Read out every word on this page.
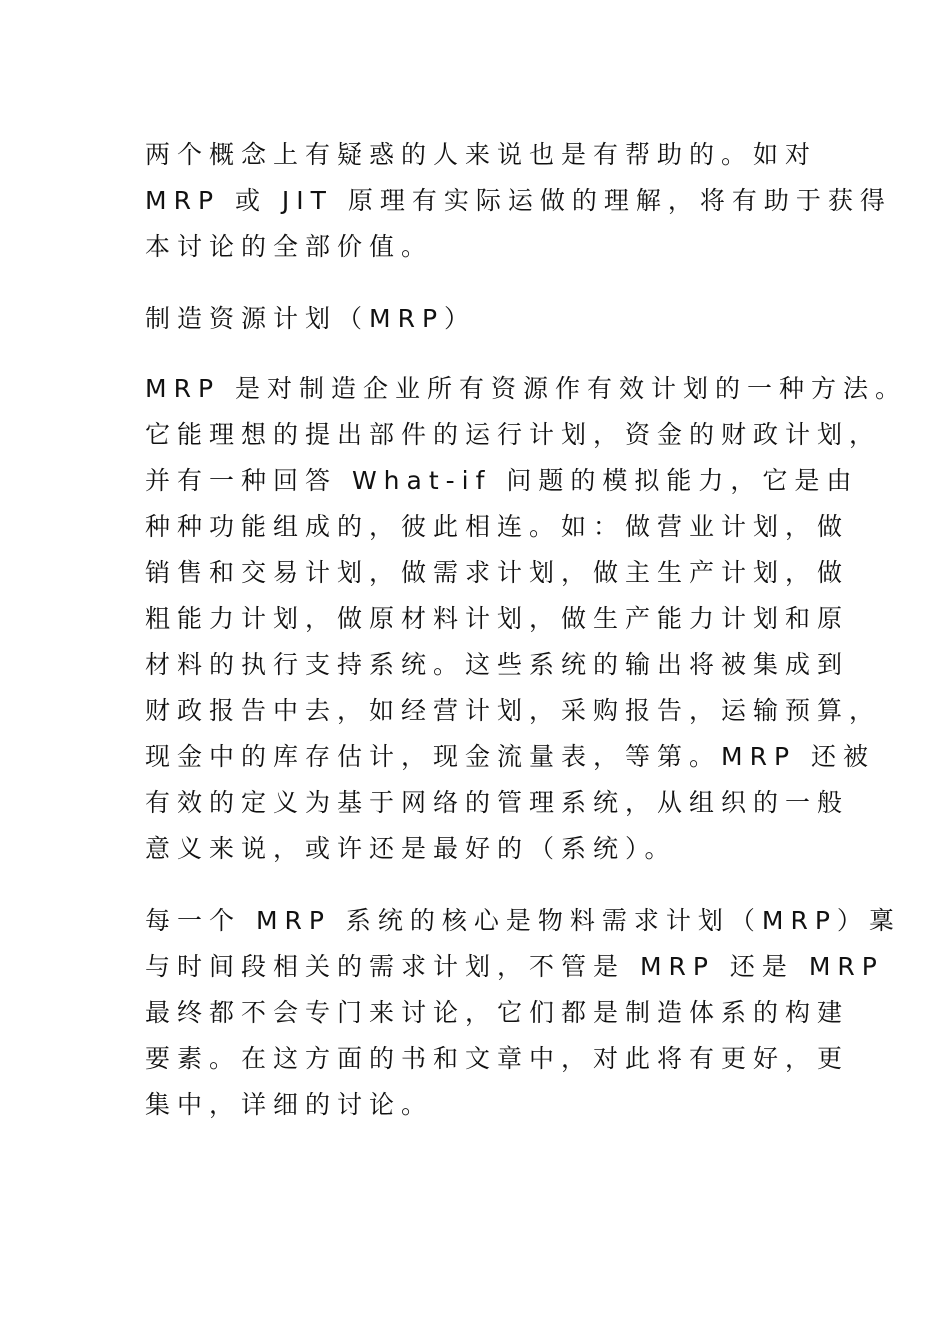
两个概念上有疑惑的人来说也是有帮助的。如对
MRP 或 JIT 原理有实际运做的理解，将有助于获得
本讨论的全部价值。

制造资源计划（MRP）

MRP 是对制造企业所有资源作有效计划的一种方法。
它能理想的提出部件的运行计划，资金的财政计划，
并有一种回答 What-if 问题的模拟能力，它是由
种种功能组成的，彼此相连。如：做营业计划，做
销售和交易计划，做需求计划，做主生产计划，做
粗能力计划，做原材料计划，做生产能力计划和原
材料的执行支持系统。这些系统的输出将被集成到
财政报告中去，如经营计划，采购报告，运输预算，
现金中的库存估计，现金流量表，等第。MRP 还被
有效的定义为基于网络的管理系统，从组织的一般
意义来说，或许还是最好的（系统）。

每一个 MRP 系统的核心是物料需求计划（MRP）稟
与时间段相关的需求计划，不管是 MRP 还是 MRP
最终都不会专门来讨论，它们都是制造体系的构建
要素。在这方面的书和文章中，对此将有更好，更
集中，详细的讨论。
